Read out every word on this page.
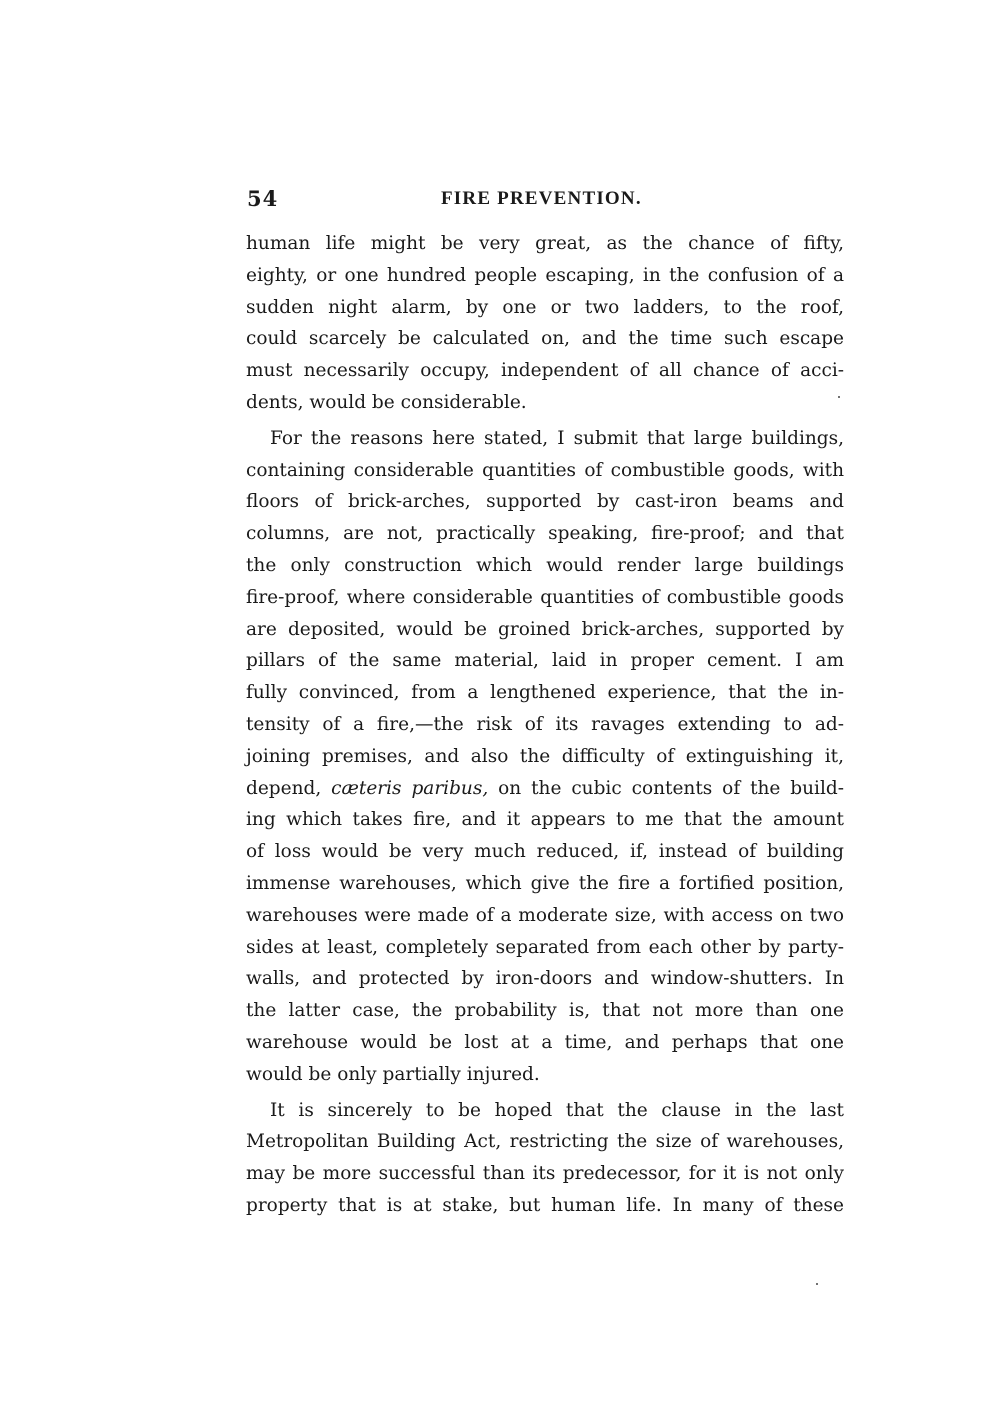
54	FIRE PREVENTION.
human life might be very great, as the chance of fifty,
eighty, or one hundred people escaping, in the confusion of a
sudden night alarm, by one or two ladders, to the roof,
could scarcely be calculated on, and the time such escape
must necessarily occupy, independent of all chance of acci-
dents, would be considerable.
For the reasons here stated, I submit that large buildings,
containing considerable quantities of combustible goods, with
floors of brick-arches, supported by cast-iron beams and
columns, are not, practically speaking, fire-proof; and that
the only construction which would render large buildings
fire-proof, where considerable quantities of combustible goods
are deposited, would be groined brick-arches, supported by
pillars of the same material, laid in proper cement. I am
fully convinced, from a lengthened experience, that the in-
tensity of a fire,—the risk of its ravages extending to ad-
joining premises, and also the difficulty of extinguishing it,
depend, cæteris paribus, on the cubic contents of the build-
ing which takes fire, and it appears to me that the amount
of loss would be very much reduced, if, instead of building
immense warehouses, which give the fire a fortified position,
warehouses were made of a moderate size, with access on two
sides at least, completely separated from each other by party-
walls, and protected by iron-doors and window-shutters. In
the latter case, the probability is, that not more than one
warehouse would be lost at a time, and perhaps that one
would be only partially injured.
It is sincerely to be hoped that the clause in the last
Metropolitan Building Act, restricting the size of warehouses,
may be more successful than its predecessor, for it is not only
property that is at stake, but human life. In many of these
